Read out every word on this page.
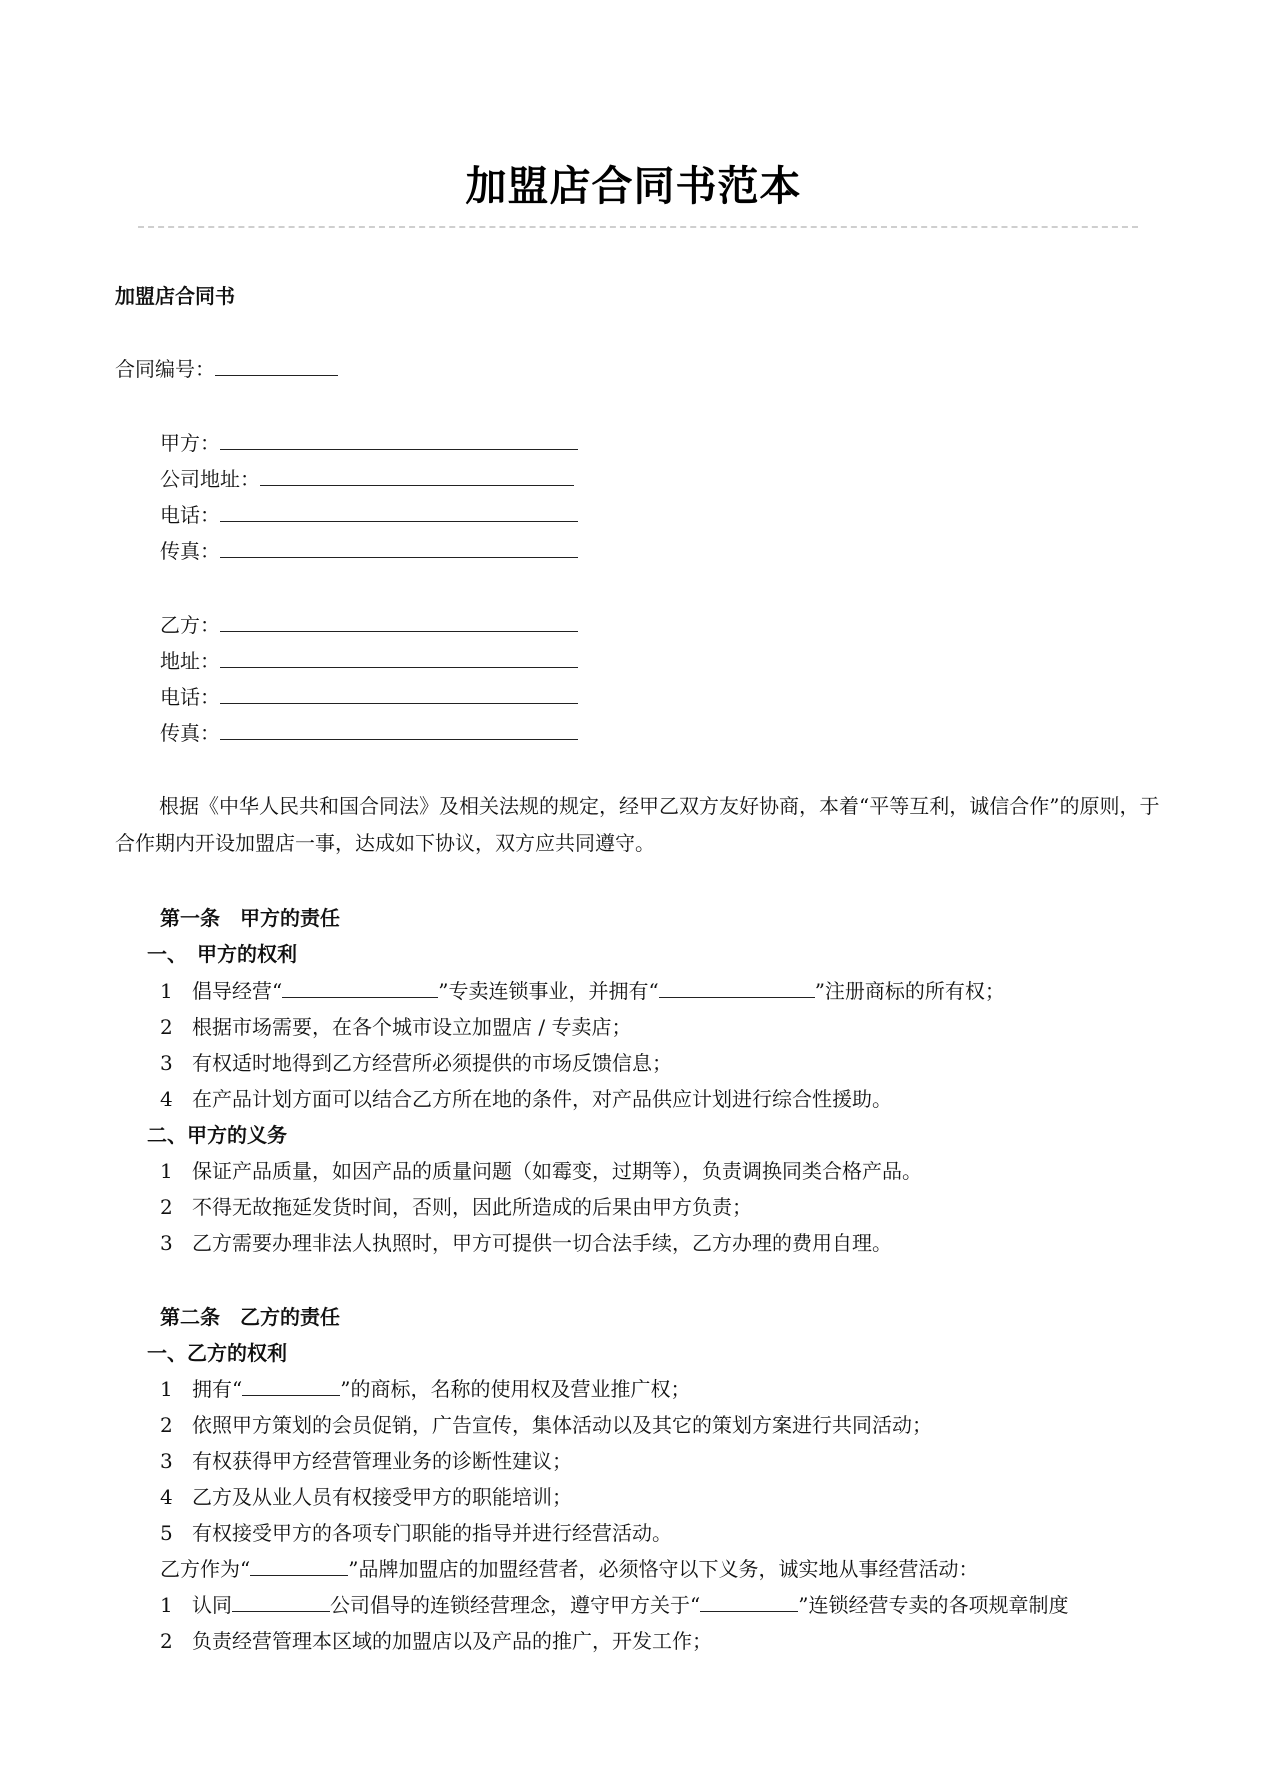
加盟店合同书范本
加盟店合同书
合同编号：
甲方：
公司地址：
电话：
传真：
乙方：
地址：
电话：
传真：
根据《中华人民共和国合同法》及相关法规的规定，经甲乙双方友好协商，本着“平等互利，诚信合作”的原则，于合作期内开设加盟店一事，达成如下协议，双方应共同遵守。
第一条　甲方的责任
一、　甲方的权利
1 倡导经营“	”专卖连锁事业，并拥有“	”注册商标的所有权；
2 根据市场需要，在各个城市设立加盟店 / 专卖店；
3 有权适时地得到乙方经营所必须提供的市场反馈信息；
4 在产品计划方面可以结合乙方所在地的条件，对产品供应计划进行综合性援助。
二、甲方的义务
1 保证产品质量，如因产品的质量问题（如霉变，过期等），负责调换同类合格产品。
2 不得无故拖延发货时间，否则，因此所造成的后果由甲方负责；
3 乙方需要办理非法人执照时，甲方可提供一切合法手续，乙方办理的费用自理。
第二条　乙方的责任
一、乙方的权利
1 拥有“	”的商标，名称的使用权及营业推广权；
2 依照甲方策划的会员促销，广告宣传，集体活动以及其它的策划方案进行共同活动；
3 有权获得甲方经营管理业务的诊断性建议；
4 乙方及从业人员有权接受甲方的职能培训；
5 有权接受甲方的各项专门职能的指导并进行经营活动。
乙方作为“	”品牌加盟店的加盟经营者，必须恪守以下义务，诚实地从事经营活动：
1 认同	公司倡导的连锁经营理念，遵守甲方关于“	”连锁经营专卖的各项规章制度
2 负责经营管理本区域的加盟店以及产品的推广，开发工作；
